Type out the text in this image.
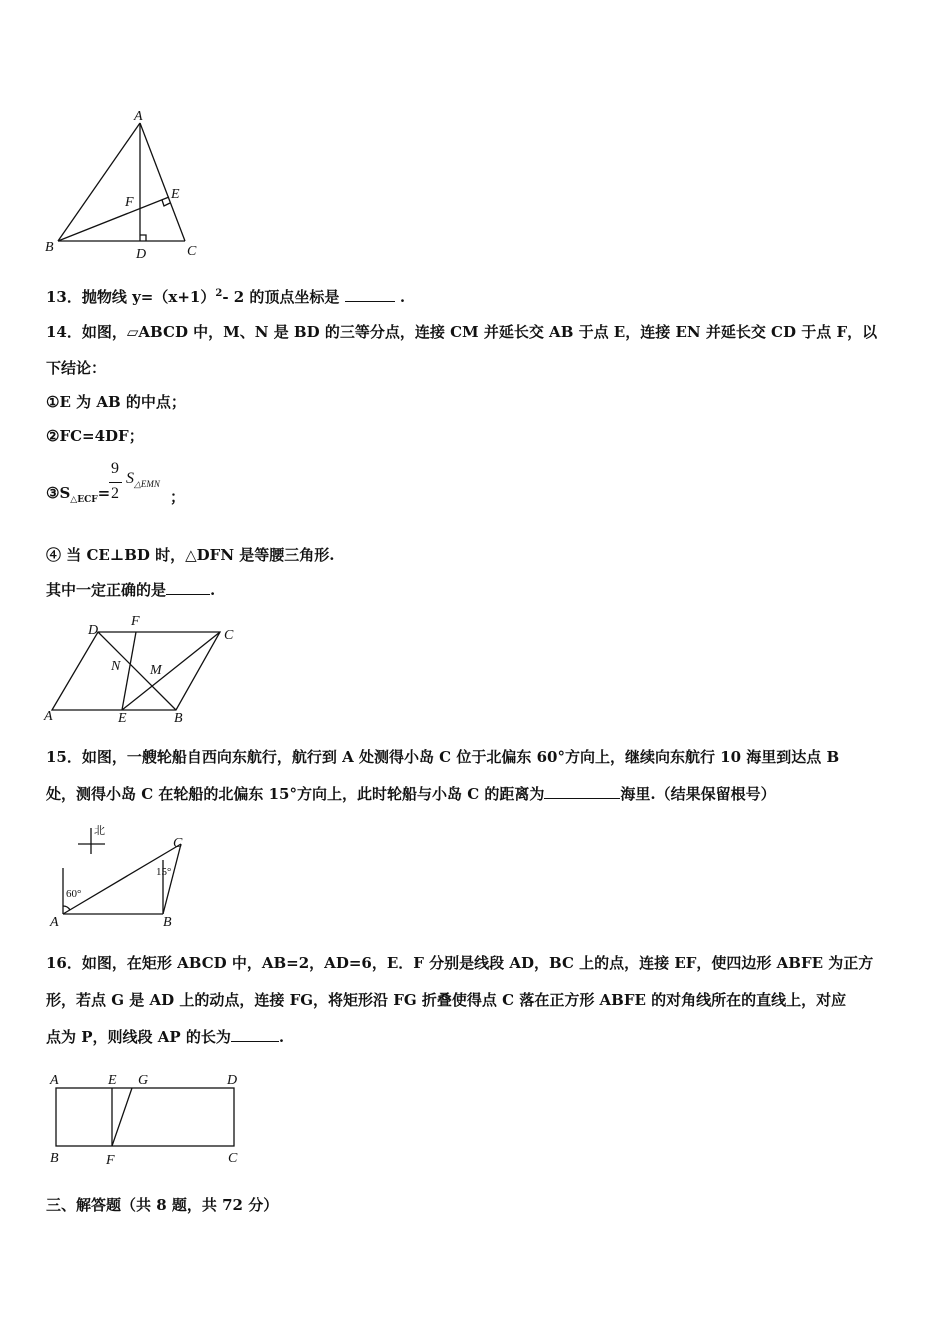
A
B	C
D
E
F
13．抛物线 $y=(x+1)^2-$ 2 的顶点坐标是	.
14．如图，▱ABCD 中，M、N 是 BD 的三等分点，连接 CM 并延长交 AB 于点 E，连接 EN 并延长交 CD 于点 F，以
下结论：
①E 为 AB 的中点；
②FC=4DF；
$③S_{\triangle ECF}=$
9
2
$S_{\triangle EMN}$
；
④ 当 CE⊥BD 时，△DFN 是等腰三角形.
其中一定正确的是	.
A	B
C
D
E
F
M
N
15．如图，一艘轮船自西向东航行，航行到 A 处测得小岛 C 位于北偏东 60°方向上，继续向东航行 10 海里到达点 B
处，测得小岛 C 在轮船的北偏东 15°方向上，此时轮船与小岛 C 的距离为	海里.（结果保留根号）
北
A	B
C
60°
15°
16．如图，在矩形 ABCD 中，AB=2，AD=6，E．F 分别是线段 AD，BC 上的点，连接 EF，使四边形 ABFE 为正方
形，若点 G 是 AD 上的动点，连接 FG，将矩形沿 FG 折叠使得点 C 落在正方形 ABFE 的对角线所在的直线上，对应
点为 P，则线段 AP 的长为	.
A	E G	D
B	F	C
三、解答题（共 8 题，共 72 分）
